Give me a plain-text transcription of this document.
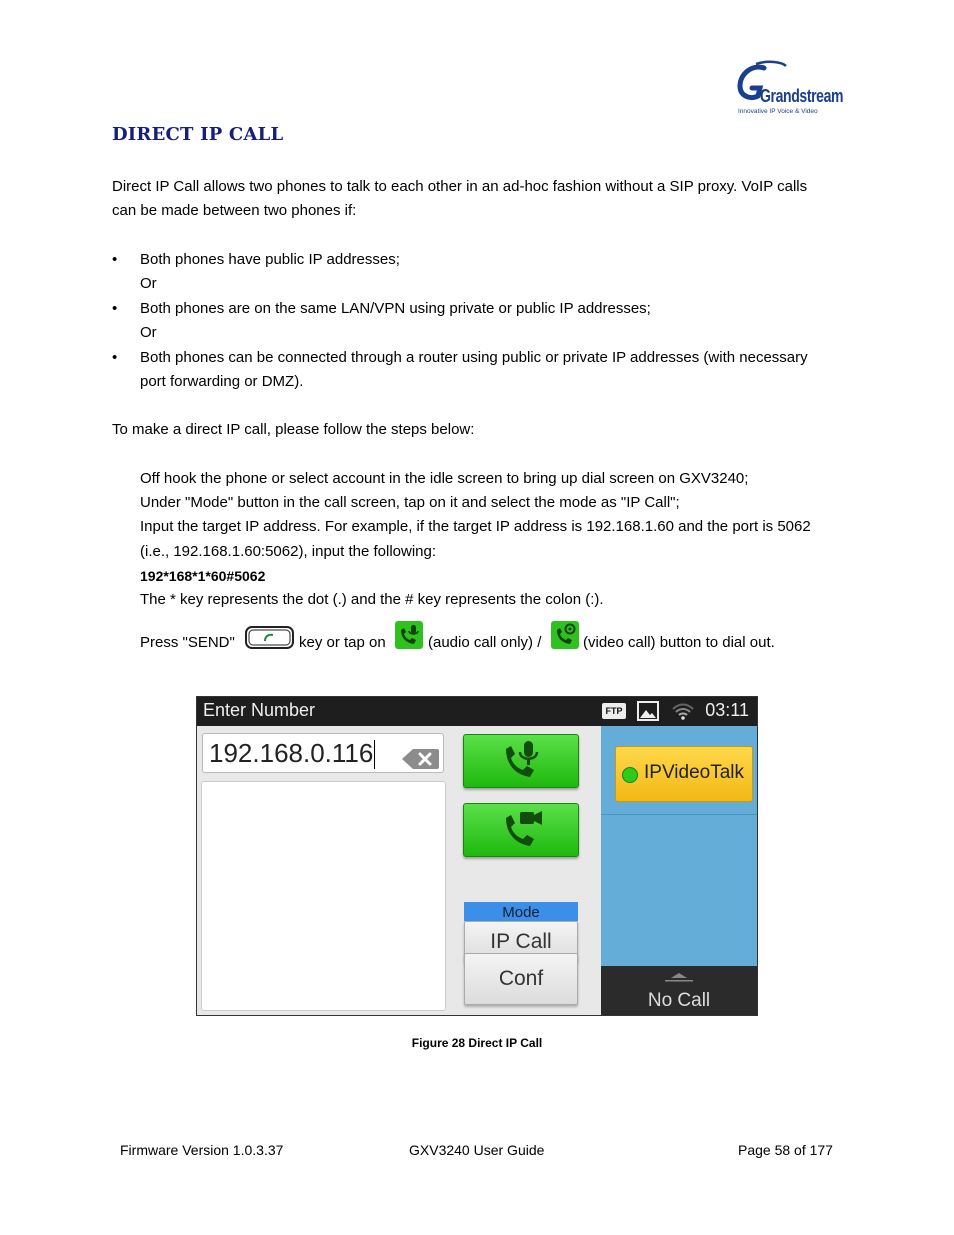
Grandstream
Innovative IP Voice & Video
DIRECT IP CALL
Direct IP Call allows two phones to talk to each other in an ad-hoc fashion without a SIP proxy. VoIP calls
can be made between two phones if:
• Both phones have public IP addresses;
Or
• Both phones are on the same LAN/VPN using private or public IP addresses;
Or
• Both phones can be connected through a router using public or private IP addresses (with necessary
port forwarding or DMZ).
To make a direct IP call, please follow the steps below:
Off hook the phone or select account in the idle screen to bring up dial screen on GXV3240;
Under "Mode" button in the call screen, tap on it and select the mode as "IP Call";
Input the target IP address. For example, if the target IP address is 192.168.1.60 and the port is 5062
(i.e., 192.168.1.60:5062), input the following:
192*168*1*60#5062
The * key represents the dot (.) and the # key represents the colon (:).
Press "SEND"	key or tap on	(audio call only) /	(video call) button to dial out.
Enter Number	FTP	03:11
192.168.0.116
Mode
IP Call
Conf
IPVideoTalk
No Call
Figure 28 Direct IP Call
Firmware Version 1.0.3.37	GXV3240 User Guide	Page 58 of 177
